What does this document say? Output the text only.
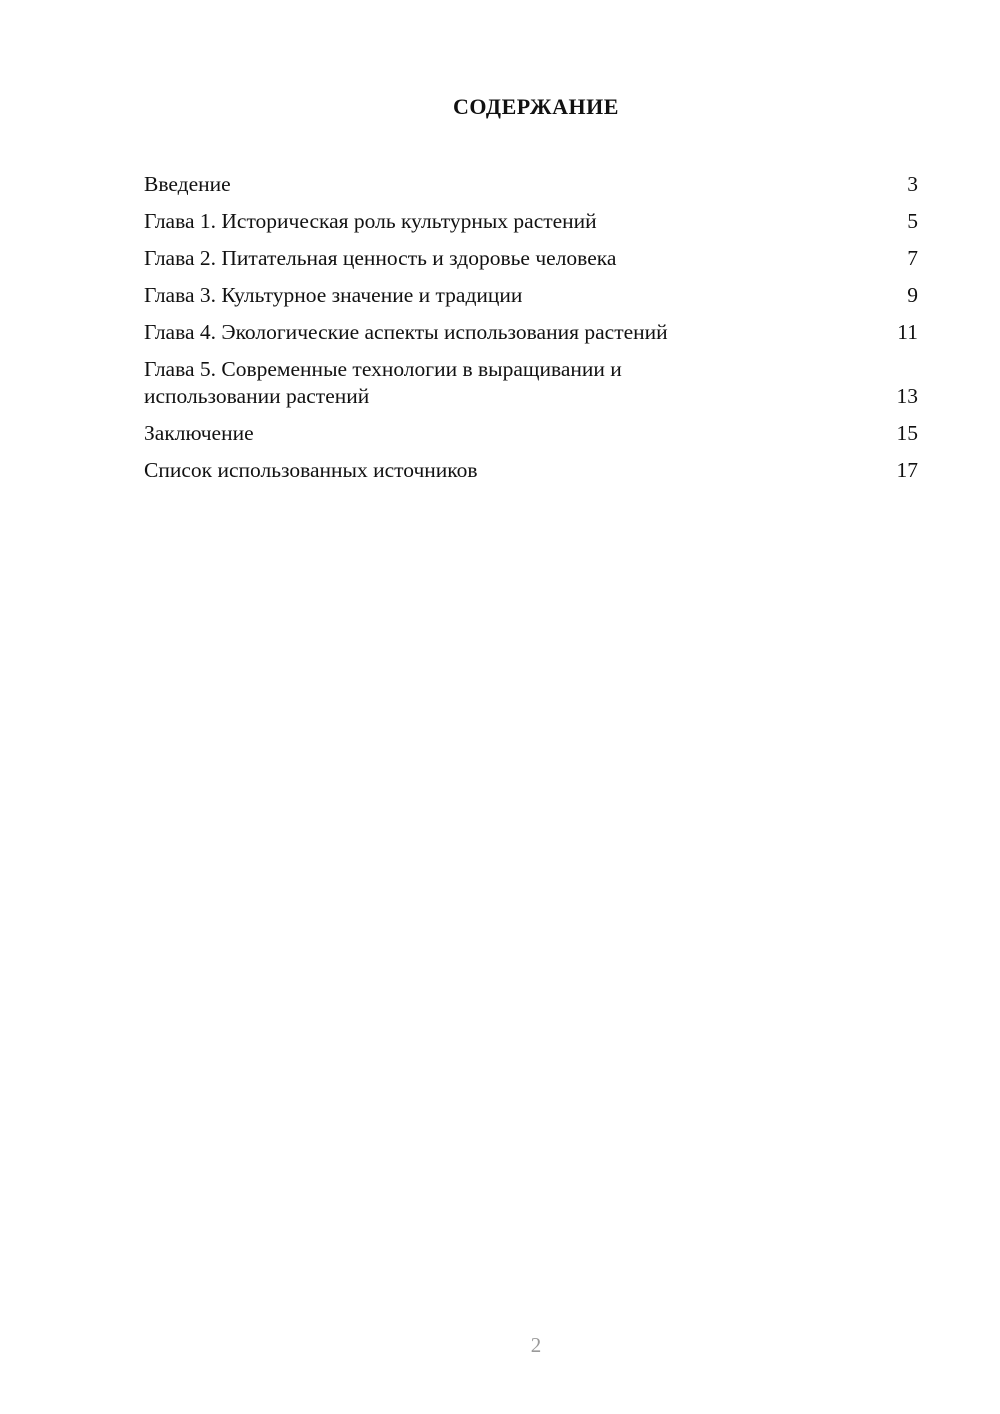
СОДЕРЖАНИЕ
Введение	3
Глава 1. Историческая роль культурных растений	5
Глава 2. Питательная ценность и здоровье человека	7
Глава 3. Культурное значение и традиции	9
Глава 4. Экологические аспекты использования растений	11
Глава 5. Современные технологии в выращивании и использовании растений	13
Заключение	15
Список использованных источников	17
2
